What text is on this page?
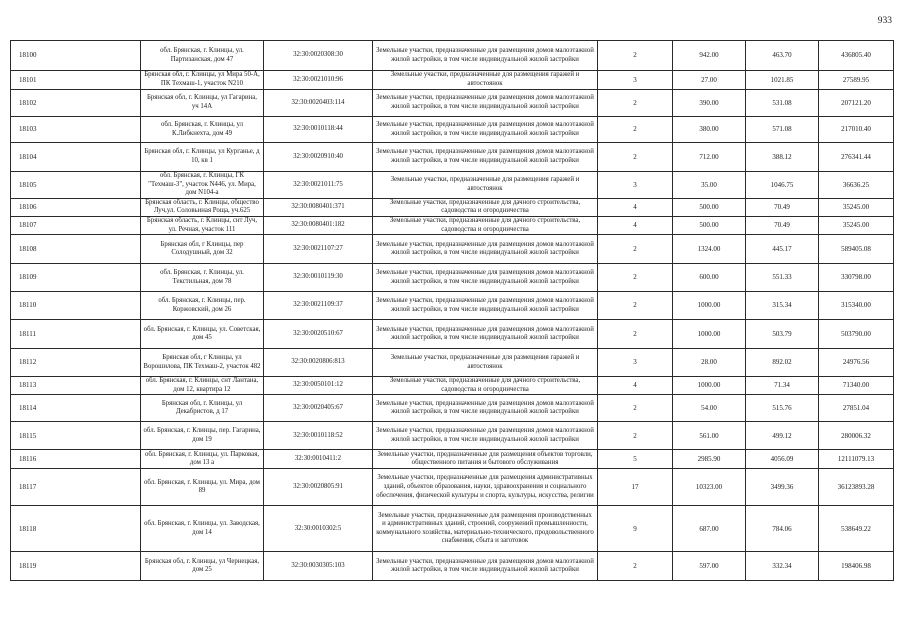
933
18100	обл. Брянская, г. Клинцы, ул. Партизанская, дом 47	32:30:0020308:30	Земельные участки, предназначенные для размещения домов малоэтажной жилой застройки, в том числе индивидуальной жилой застройки	2	942.00	463.70	436805.40
18101	Брянская обл, г. Клинцы, ул Мира 50-А, ПК Техмаш-1, участок N210	32:30:0021010:96	Земельные участки, предназначенные для размещения гаражей и автостоянок	3	27.00	1021.85	27589.95
18102	Брянская обл, г. Клинцы, ул Гагарина, уч 14А	32:30:0020403:114	Земельные участки, предназначенные для размещения домов малоэтажной жилой застройки, в том числе индивидуальной жилой застройки	2	390.00	531.08	207121.20
18103	обл. Брянская, г. Клинцы, ул К.Либкнехта, дом 49	32:30:0010118:44	Земельные участки, предназначенные для размещения домов малоэтажной жилой застройки, в том числе индивидуальной жилой застройки	2	380.00	571.08	217010.40
18104	Брянская обл, г. Клинцы, ул Курганье, д 10, кв 1	32:30:0020910:40	Земельные участки, предназначенные для размещения домов малоэтажной жилой застройки, в том числе индивидуальной жилой застройки	2	712.00	388.12	276341.44
18105	обл. Брянская, г. Клинцы, ГК "Техмаш-3", участок N446, ул. Мира, дом N104-а	32:30:0021011:75	Земельные участки, предназначенные для размещения гаражей и автостоянок	3	35.00	1046.75	36636.25
18106	Брянская область, г. Клинцы, общество Луч,ул. Соловьиная Роща, уч.625	32:30:0080401:371	Земельные участки, предназначенные для дачного строительства, садоводства и огородничества	4	500.00	70.49	35245.00
18107	Брянская область, г. Клинцы, снт Луч, ул. Речная, участок 111	32:30:0080401:182	Земельные участки, предназначенные для дачного строительства, садоводства и огородничества	4	500.00	70.49	35245.00
18108	Брянская обл, г Клинцы, пер Солодушный, дом 32	32:30:0021107:27	Земельные участки, предназначенные для размещения домов малоэтажной жилой застройки, в том числе индивидуальной жилой застройки	2	1324.00	445.17	589405.08
18109	обл. Брянская, г. Клинцы, ул. Текстильная, дом 78	32:30:0010119:30	Земельные участки, предназначенные для размещения домов малоэтажной жилой застройки, в том числе индивидуальной жилой застройки	2	600.00	551.33	330798.00
18110	обл. Брянская, г. Клинцы, пер. Коржовский, дом 26	32:30:0021109:37	Земельные участки, предназначенные для размещения домов малоэтажной жилой застройки, в том числе индивидуальной жилой застройки	2	1000.00	315.34	315340.00
18111	обл. Брянская, г. Клинцы, ул. Советская, дом 45	32:30:0020510:67	Земельные участки, предназначенные для размещения домов малоэтажной жилой застройки, в том числе индивидуальной жилой застройки	2	1000.00	503.79	503790.00
18112	Брянская обл, г Клинцы, ул Ворошилова, ПК Техмаш-2, участок 482	32:30:0020806:813	Земельные участки, предназначенные для размещения гаражей и автостоянок	3	28.00	892.02	24976.56
18113	обл. Брянская, г. Клинцы, снт Лантана, дом 12, квартира 12	32:30:0050101:12	Земельные участки, предназначенные для дачного строительства, садоводства и огородничества	4	1000.00	71.34	71340.00
18114	Брянская обл, г. Клинцы, ул Декабристов, д 17	32:30:0020405:67	Земельные участки, предназначенные для размещения домов малоэтажной жилой застройки, в том числе индивидуальной жилой застройки	2	54.00	515.76	27851.04
18115	обл. Брянская, г. Клинцы, пер. Гагарина, дом 19	32:30:0010118:52	Земельные участки, предназначенные для размещения домов малоэтажной жилой застройки, в том числе индивидуальной жилой застройки	2	561.00	499.12	280006.32
18116	обл. Брянская, г. Клинцы, ул. Парковая, дом 13 а	32:30:0010411:2	Земельные участки, предназначенные для размещения объектов торговли, общественного питания и бытового обслуживания	5	2985.90	4056.09	12111079.13
18117	обл. Брянская, г. Клинцы, ул. Мира, дом 89	32:30:0020805:91	Земельные участки, предназначенные для размещения административных зданий, объектов образования, науки, здравоохранения и социального обеспечения, физической культуры и спорта, культуры, искусства, религии	17	10323.00	3499.36	36123893.28
18118	обл. Брянская, г. Клинцы, ул. Заводская, дом 14	32:30:0010302:5	Земельные участки, предназначенные для размещения производственных и административных зданий, строений, сооружений промышленности, коммунального хозяйства, материально-технического, продовольственного снабжения, сбыта и заготовок	9	687.00	784.06	538649.22
18119	Брянская обл, г. Клинцы, ул Чернецкая, дом 25	32:30:0030305:103	Земельные участки, предназначенные для размещения домов малоэтажной жилой застройки, в том числе индивидуальной жилой застройки	2	597.00	332.34	198406.98
